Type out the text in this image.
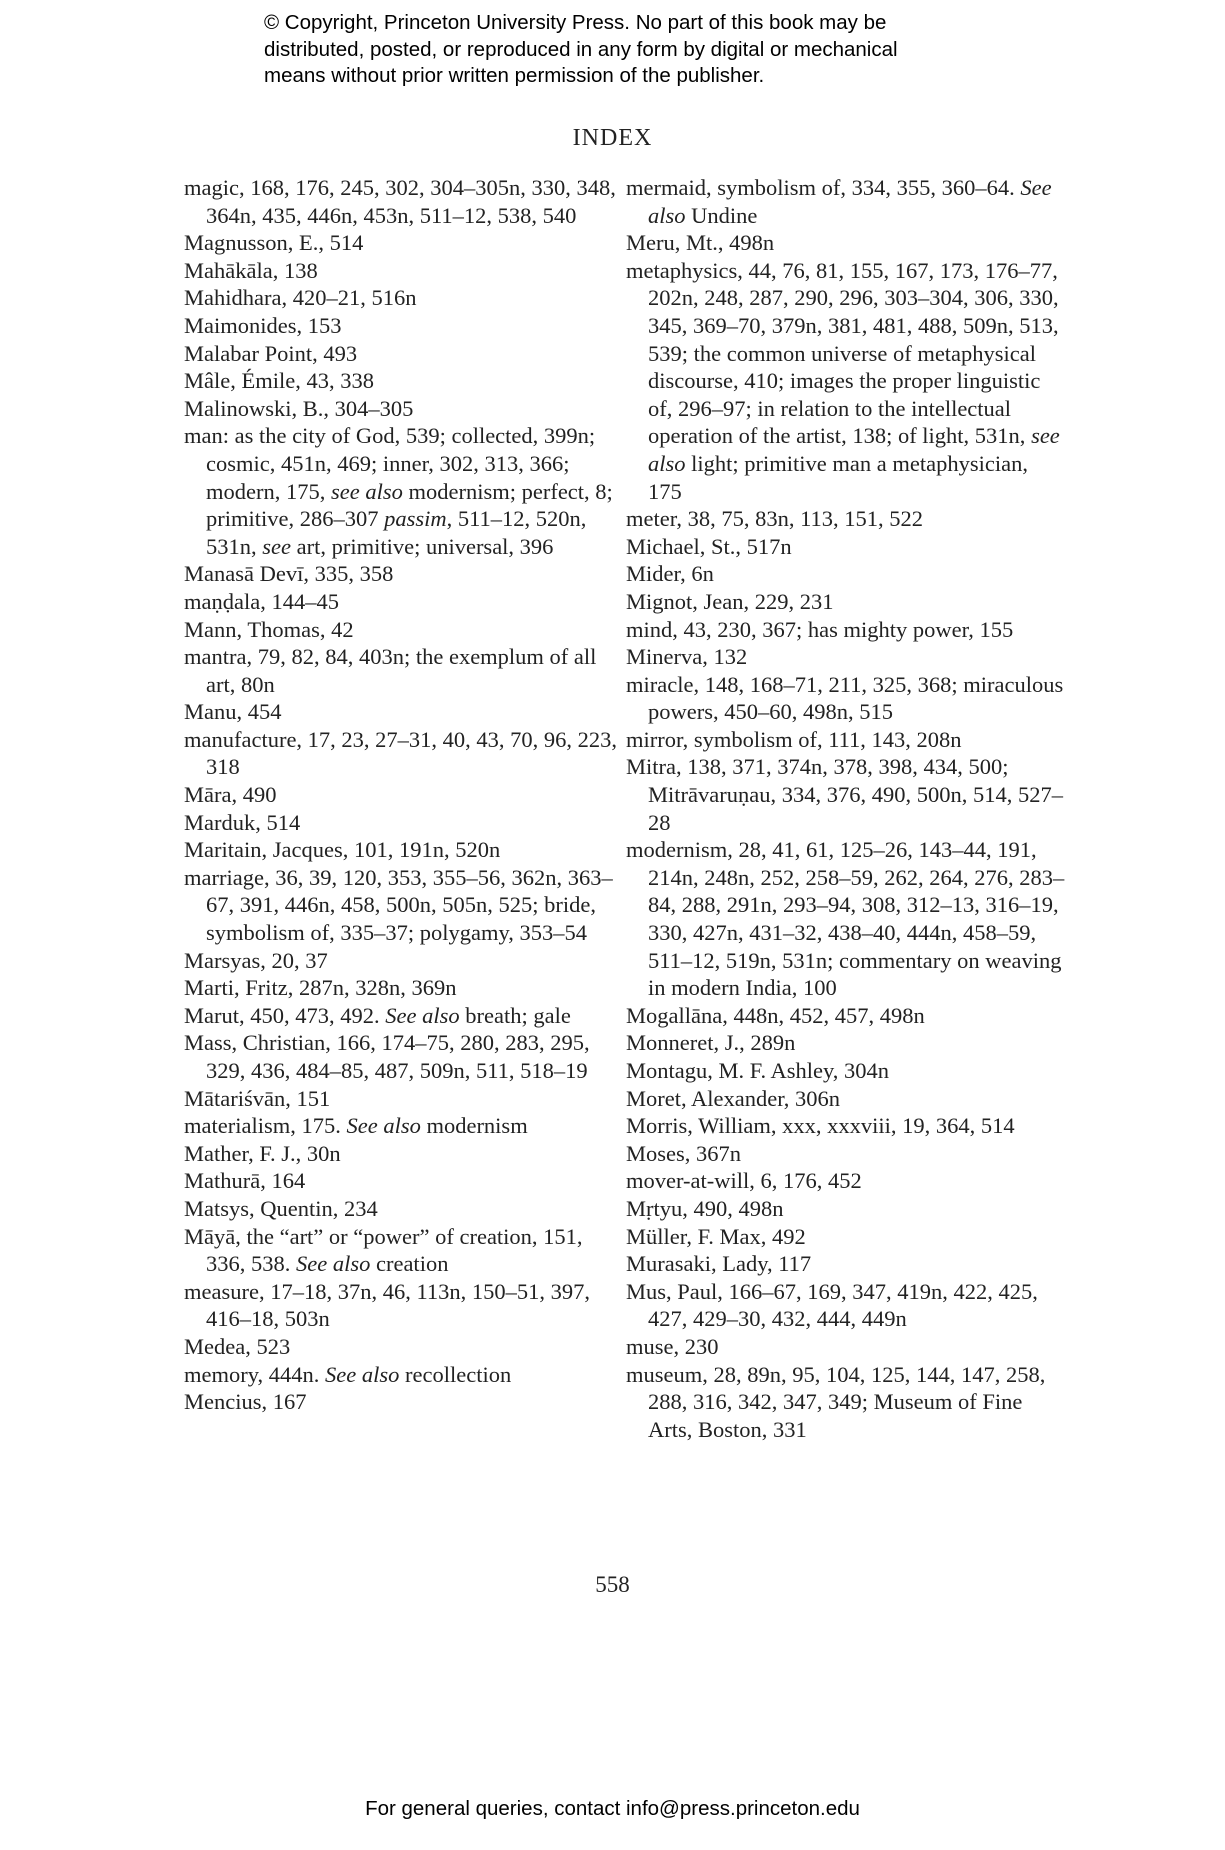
© Copyright, Princeton University Press. No part of this book may be
distributed, posted, or reproduced in any form by digital or mechanical
means without prior written permission of the publisher.
INDEX
magic, 168, 176, 245, 302, 304–305n, 330, 348, 364n, 435, 446n, 453n, 511–12, 538, 540
Magnusson, E., 514
Mahākāla, 138
Mahidhara, 420–21, 516n
Maimonides, 153
Malabar Point, 493
Mâle, Émile, 43, 338
Malinowski, B., 304–305
man: as the city of God, 539; collected, 399n; cosmic, 451n, 469; inner, 302, 313, 366; modern, 175, see also modernism; perfect, 8; primitive, 286–307 passim, 511–12, 520n, 531n, see art, primitive; universal, 396
Manasā Devī, 335, 358
maṇḍala, 144–45
Mann, Thomas, 42
mantra, 79, 82, 84, 403n; the exemplum of all art, 80n
Manu, 454
manufacture, 17, 23, 27–31, 40, 43, 70, 96, 223, 318
Māra, 490
Marduk, 514
Maritain, Jacques, 101, 191n, 520n
marriage, 36, 39, 120, 353, 355–56, 362n, 363–67, 391, 446n, 458, 500n, 505n, 525; bride, symbolism of, 335–37; polygamy, 353–54
Marsyas, 20, 37
Marti, Fritz, 287n, 328n, 369n
Marut, 450, 473, 492. See also breath; gale
Mass, Christian, 166, 174–75, 280, 283, 295, 329, 436, 484–85, 487, 509n, 511, 518–19
Mātariśvān, 151
materialism, 175. See also modernism
Mather, F. J., 30n
Mathurā, 164
Matsys, Quentin, 234
Māyā, the “art” or “power” of creation, 151, 336, 538. See also creation
measure, 17–18, 37n, 46, 113n, 150–51, 397, 416–18, 503n
Medea, 523
memory, 444n. See also recollection
Mencius, 167
mermaid, symbolism of, 334, 355, 360–64. See also Undine
Meru, Mt., 498n
metaphysics, 44, 76, 81, 155, 167, 173, 176–77, 202n, 248, 287, 290, 296, 303–304, 306, 330, 345, 369–70, 379n, 381, 481, 488, 509n, 513, 539; the common universe of metaphysical discourse, 410; images the proper linguistic of, 296–97; in relation to the intellectual operation of the artist, 138; of light, 531n, see also light; primitive man a metaphysician, 175
meter, 38, 75, 83n, 113, 151, 522
Michael, St., 517n
Mider, 6n
Mignot, Jean, 229, 231
mind, 43, 230, 367; has mighty power, 155
Minerva, 132
miracle, 148, 168–71, 211, 325, 368; miraculous powers, 450–60, 498n, 515
mirror, symbolism of, 111, 143, 208n
Mitra, 138, 371, 374n, 378, 398, 434, 500; Mitrāvaruṇau, 334, 376, 490, 500n, 514, 527–28
modernism, 28, 41, 61, 125–26, 143–44, 191, 214n, 248n, 252, 258–59, 262, 264, 276, 283–84, 288, 291n, 293–94, 308, 312–13, 316–19, 330, 427n, 431–32, 438–40, 444n, 458–59, 511–12, 519n, 531n; commentary on weaving in modern India, 100
Mogallāna, 448n, 452, 457, 498n
Monneret, J., 289n
Montagu, M. F. Ashley, 304n
Moret, Alexander, 306n
Morris, William, xxx, xxxviii, 19, 364, 514
Moses, 367n
mover-at-will, 6, 176, 452
Mṛtyu, 490, 498n
Müller, F. Max, 492
Murasaki, Lady, 117
Mus, Paul, 166–67, 169, 347, 419n, 422, 425, 427, 429–30, 432, 444, 449n
muse, 230
museum, 28, 89n, 95, 104, 125, 144, 147, 258, 288, 316, 342, 347, 349; Museum of Fine Arts, Boston, 331
558
For general queries, contact info@press.princeton.edu
